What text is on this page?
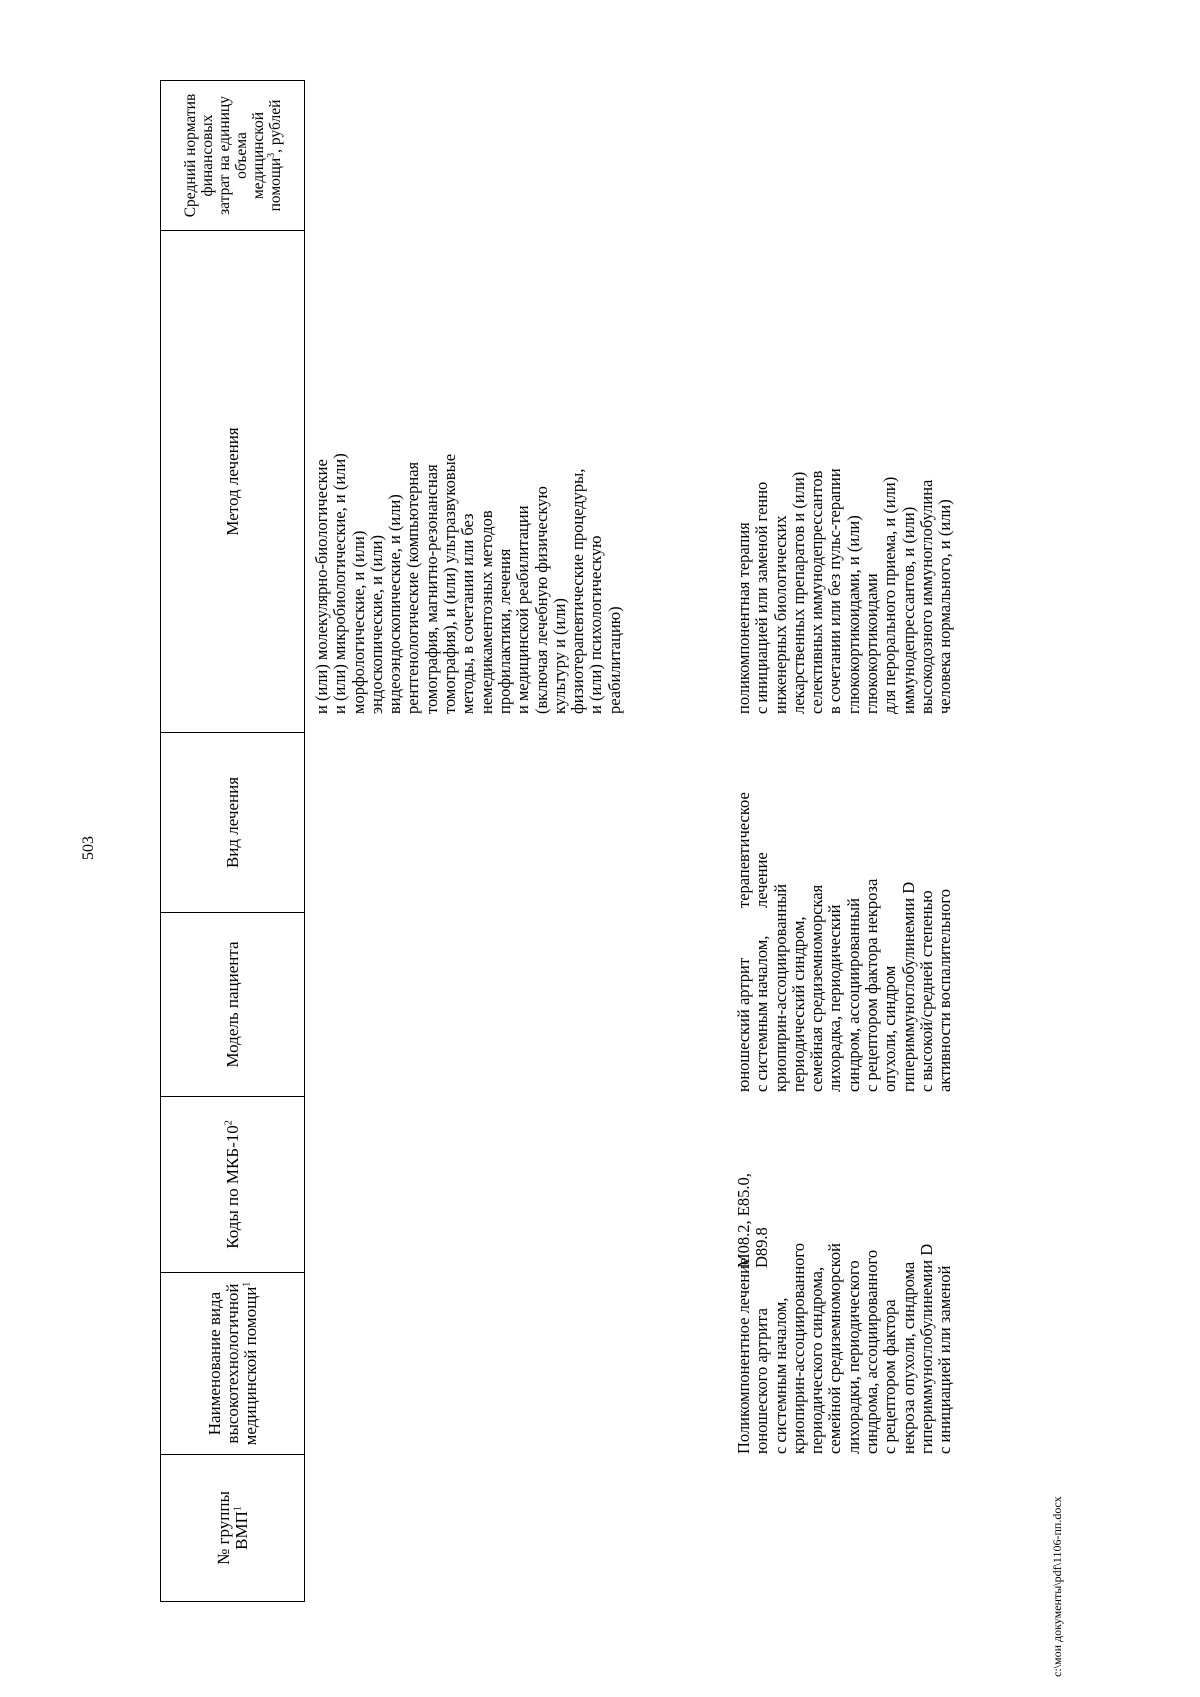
503
№ группы
ВМП$^1$
Наименование вида
высокотехнологичной
медицинской помощи$^1$
Коды по МКБ-$10^2$
Модель пациента
Вид лечения
Метод лечения
Средний норматив
финансовых
затрат на единицу
объема
медицинской
помощи$^3$, рублей
и (или) молекулярно-биологические
и (или) микробиологические, и (или)
морфологические, и (или)
эндоскопические, и (или)
видеоэндоскопические, и (или)
рентгенологические (компьютерная
томография, магнитно-резонансная
томография), и (или) ультразвуковые
методы, в сочетании или без
немедикаментозных методов
профилактики, лечения
и медицинской реабилитации
(включая лечебную физическую
культуру и (или)
физиотерапевтические процедуры,
и (или) психологическую
реабилитацию)
Поликомпонентное лечение
юношеского артрита
с системным началом,
криопирин-ассоциированного
периодического синдрома,
семейной средиземноморской
лихорадки, периодического
синдрома, ассоциированного
с рецептором фактора
некроза опухоли, синдрома
гипериммуноглобулинемии D
с инициацией или заменой
M08.2, E85.0,
D89.8
юношеский артрит
с системным началом,
криопирин-ассоциированный
периодический синдром,
семейная средиземноморская
лихорадка, периодический
синдром, ассоциированный
с рецептором фактора некроза
опухоли, синдром
гипериммуноглобулинемии D
с высокой/средней степенью
активности воспалительного
терапевтическое
лечение
поликомпонентная терапия
с инициацией или заменой генно
инженерных биологических
лекарственных препаратов и (или)
селективных иммунодепрессантов
в сочетании или без пульс-терапии
глюкокортикоидами, и (или)
глюкокортикоидами
для перорального приема, и (или)
иммунодепрессантов, и (или)
высокодозного иммуноглобулина
человека нормального, и (или)
c:\мои документы\pdf\1106-пп.docx
